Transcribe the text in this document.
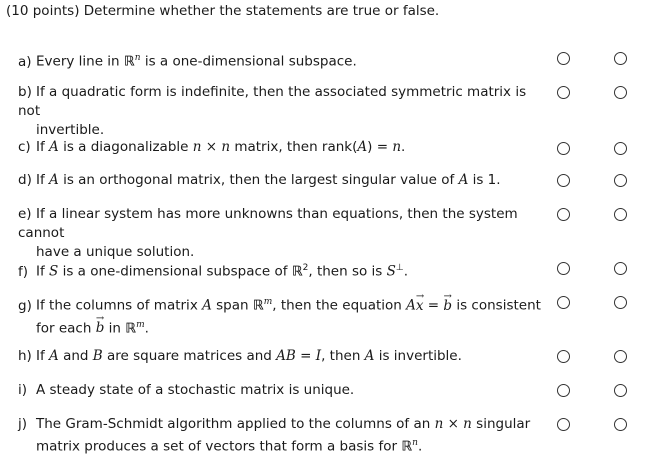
(10 points) Determine whether the statements are true or false.
a) Every line in ℝ$^n$ is a one-dimensional subspace.
b) If a quadratic form is indefinite, then the associated symmetric matrix is not
invertible.
c) If A is a diagonalizable n × n matrix, then rank(A) = n.
d) If A is an orthogonal matrix, then the largest singular value of A is 1.
e) If a linear system has more unknowns than equations, then the system cannot
have a unique solution.
f) If S is a one-dimensional subspace of ℝ$^2$, then so is S⊥.
g) If the columns of matrix A span ℝ$^m$, then the equation A→ x = → b is consistent
for each → b in ℝ$^m$.
h) If A and B are square matrices and AB = I, then A is invertible.
i) A steady state of a stochastic matrix is unique.
j) The Gram-Schmidt algorithm applied to the columns of an n × n singular
matrix produces a set of vectors that form a basis for ℝ$^n$.
